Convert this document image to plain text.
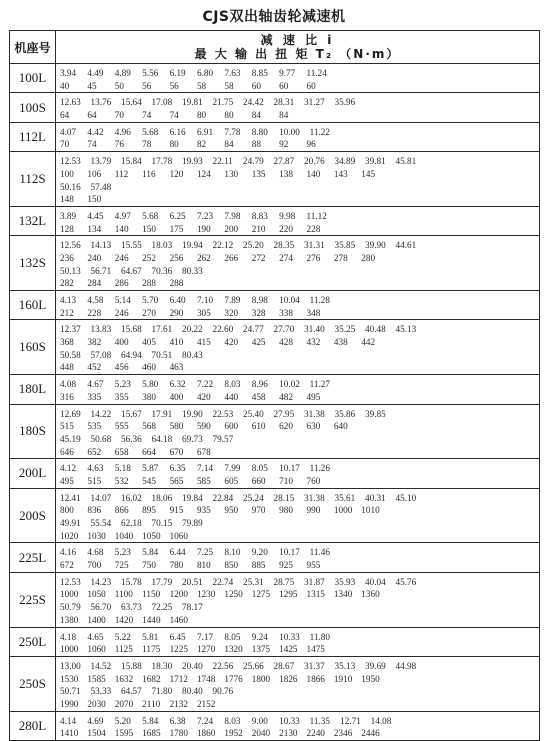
CJS双出轴齿轮减速机
机座号	减 速 比 i
最 大 输 出 扭 矩 T₂ （N·m）

100L	3.94 4.49 4.89 5.56 6.19 6.80 7.63 8.85 9.77 11.24
40 45 50 56 56 58 58 60 60 60

100S	12.63 13.76 15.64 17.08 19.81 21.75 24.42 28.31 31.27 35.96
64 64 70 74 74 80 80 84 84

112L	4.07 4.42 4.96 5.68 6.16 6.91 7.78 8.80 10.00 11.22
70 74 76 78 80 82 84 88 92 96

112S	12.53 13.79 15.84 17.78 19.93 22.11 24.79 27.87 20.76 34.89 39.81 45.81
100 106 112 116 120 124 130 135 138 140 143 145
50.16 57.48
148 150

132L	3.89 4.45 4.97 5.68 6.25 7.23 7.98 8.83 9.98 11.12
128 134 140 150 175 190 200 210 220 228

132S	12.56 14.13 15.55 18.03 19.94 22.12 25.20 28.35 31.31 35.85 39.90 44.61
236 240 246 252 256 262 266 272 274 276 278 280
50.13 56.71 64.67 70.36 80.33
282 284 286 288 288

160L	4.13 4.58 5.14 5.70 6.40 7.10 7.89 8.98 10.04 11.28
212 228 246 270 290 305 320 328 338 348

160S	12.37 13.83 15.68 17.61 20.22 22.60 24.77 27.70 31.40 35.25 40.48 45.13
368 382 400 405 410 415 420 425 428 432 438 442
50.58 57.08 64.94 70.51 80.43
448 452 456 460 463

180L	4.08 4.67 5.23 5.80 6.32 7.22 8.03 8.96 10.02 11.27
316 335 355 380 400 420 440 458 482 495

180S	12.69 14.22 15.67 17.91 19.90 22.53 25.40 27.95 31.38 35.86 39.85
515 535 555 568 580 590 600 610 620 630 640
45.19 50.68 56.36 64.18 69.73 79.57
646 652 658 664 670 678

200L	4.12 4.63 5.18 5.87 6.35 7.14 7.99 8.05 10.17 11.26
495 515 532 545 565 585 605 660 710 760

200S	12.41 14.07 16.02 18.06 19.84 22.84 25.24 28.15 31.38 35.61 40.31 45.10
800 836 866 895 915 935 950 970 980 990 1000 1010
49.91 55.54 62.18 70.15 79.89
1020 1030 1040 1050 1060

225L	4.16 4.68 5.23 5.84 6.44 7.25 8.10 9.20 10.17 11.46
672 700 725 750 780 810 850 885 925 955

225S	12.53 14.23 15.78 17.79 20.51 22.74 25.31 28.75 31.87 35.93 40.04 45.76
1000 1050 1100 1150 1200 1230 1250 1275 1295 1315 1340 1360
50.79 56.70 63.73 72.25 78.17
1380 1400 1420 1440 1460

250L	4.18 4.65 5.22 5.81 6.45 7.17 8.05 9.24 10.33 11.80
1000 1060 1125 1175 1225 1270 1320 1375 1425 1475

250S	13.00 14.52 15.88 18.30 20.40 22.56 25.66 28.67 31.37 35.13 39.69 44.98
1530 1585 1632 1682 1712 1748 1776 1800 1826 1866 1910 1950
50.71 53.33 64.57 71.80 80.40 90.76
1990 2030 2070 2110 2132 2152

280L	4.14 4.69 5.20 5.84 6.38 7.24 8.03 9.00 10.33 11.35 12.71 14.08
1410 1504 1595 1685 1780 1860 1952 2040 2130 2240 2346 2446
